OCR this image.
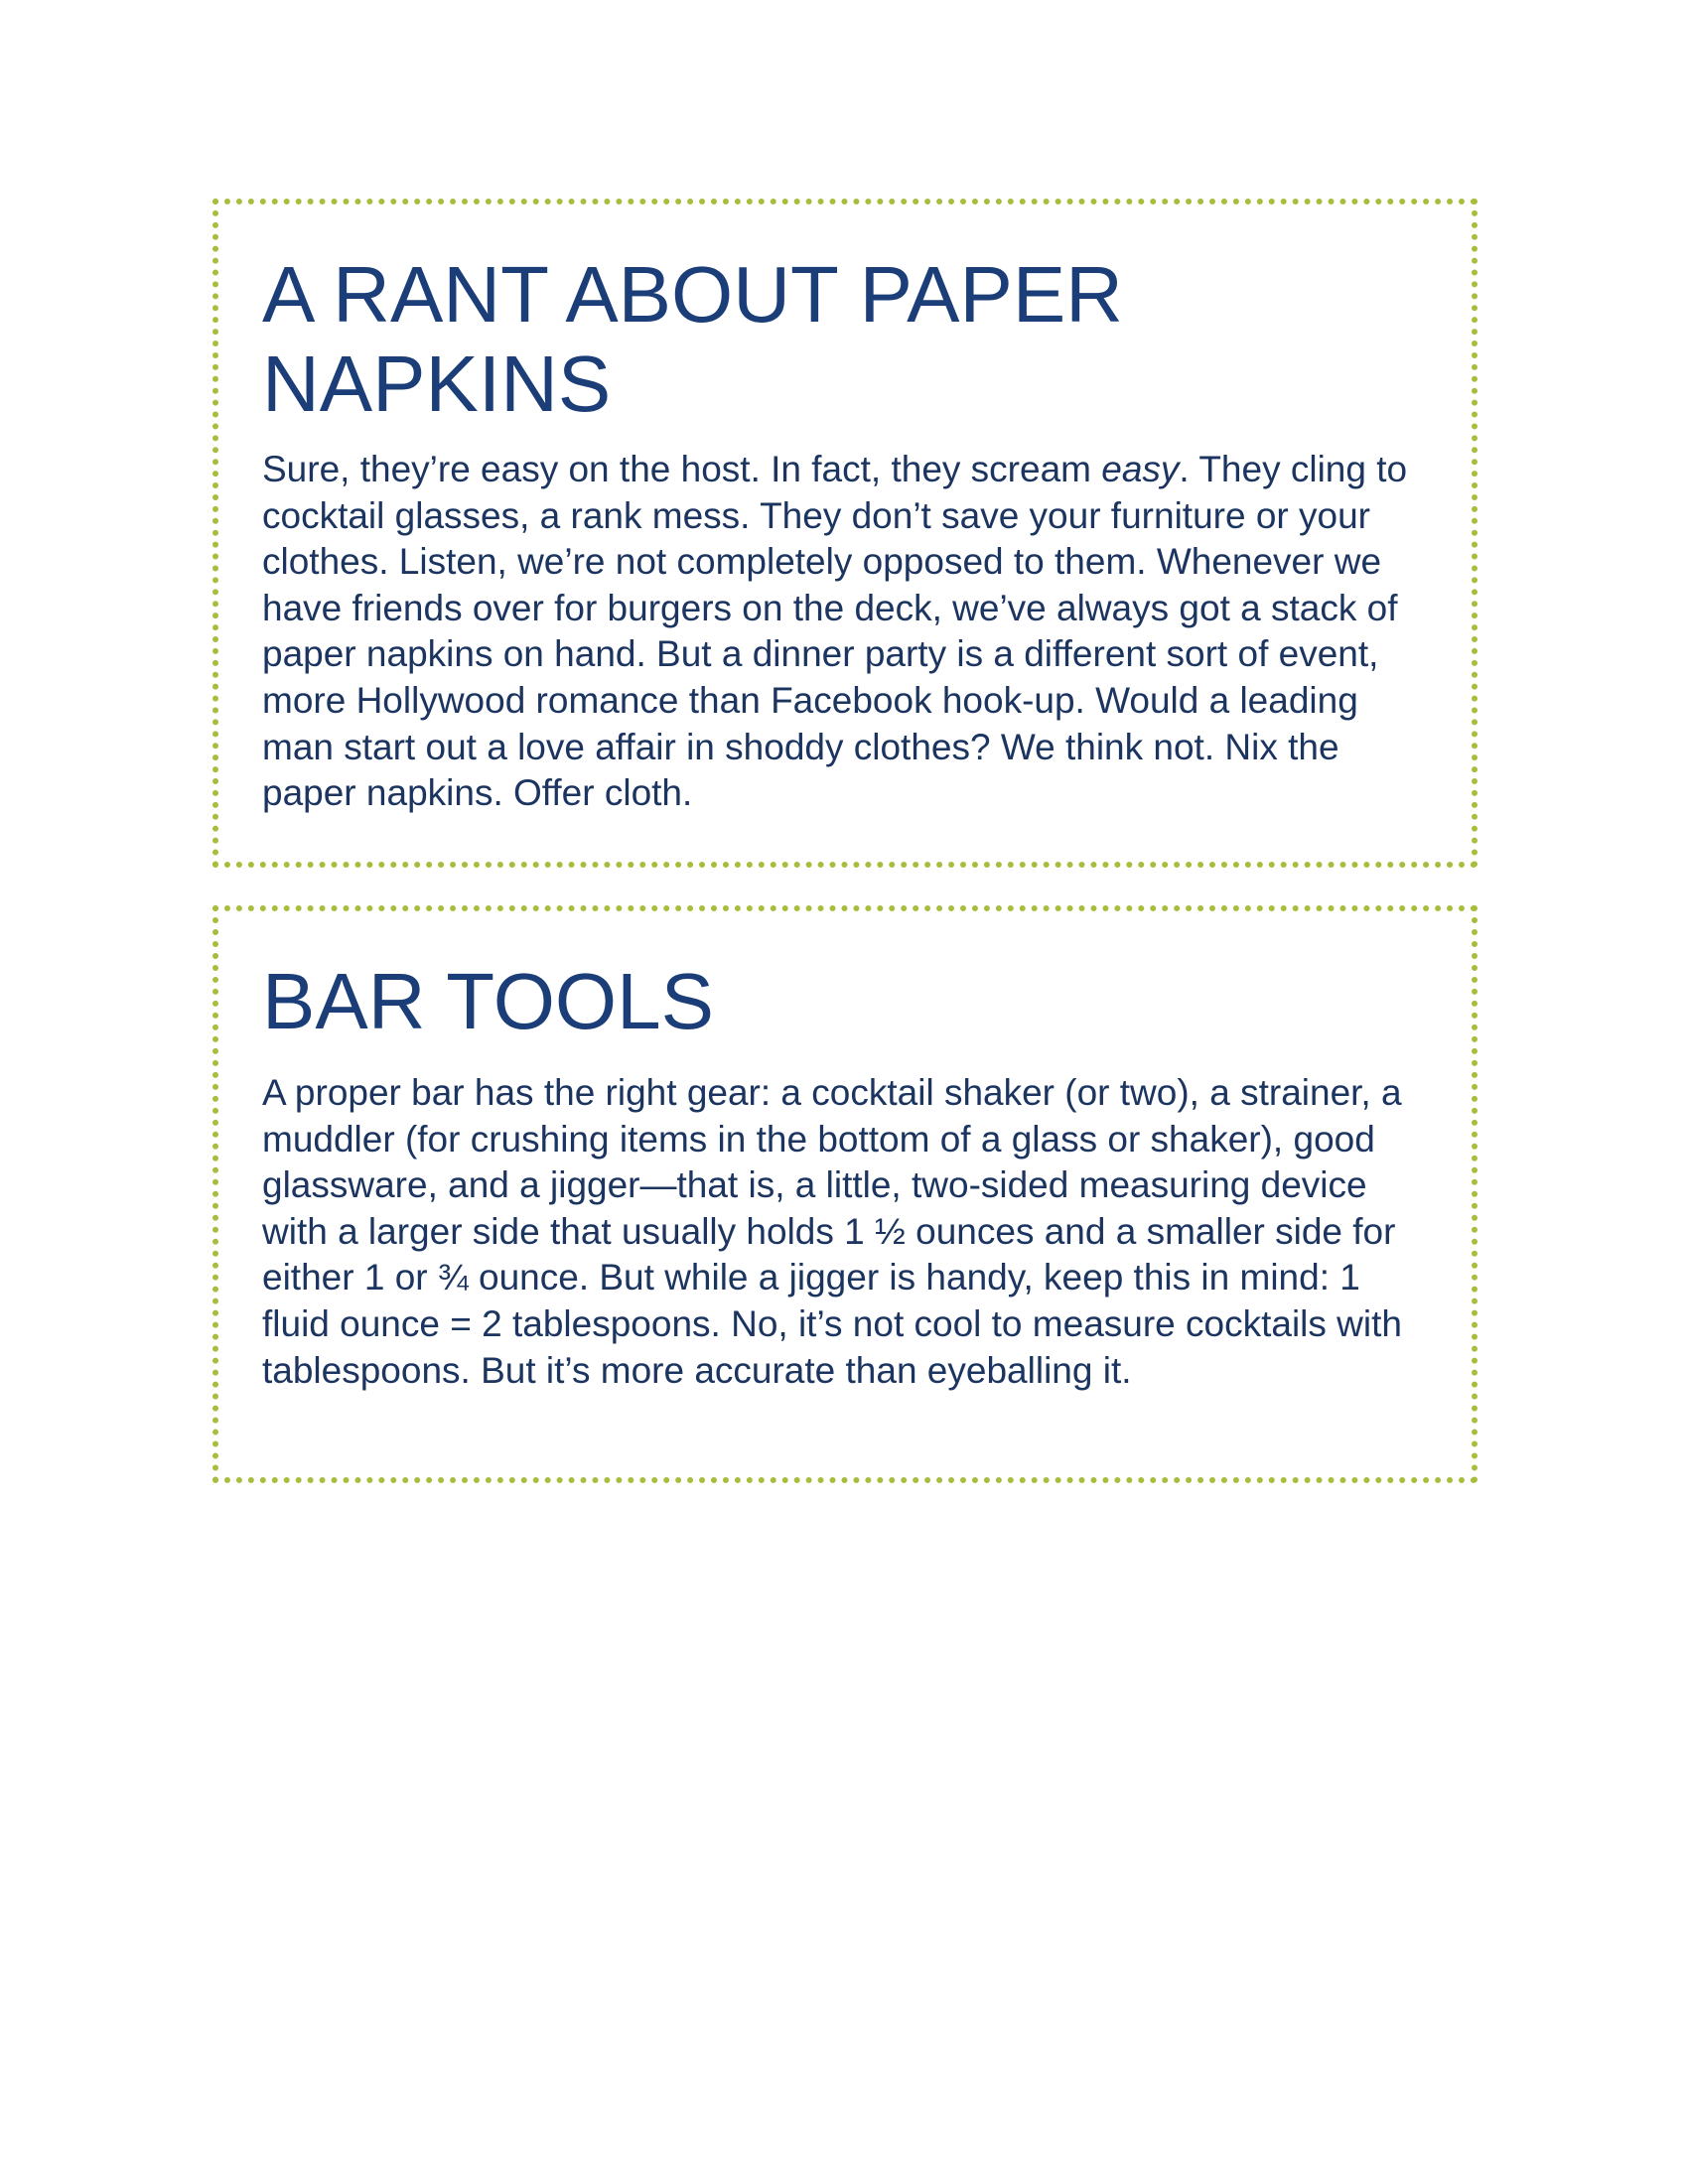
A RANT ABOUT PAPER NAPKINS

Sure, they’re easy on the host. In fact, they scream easy. They cling to cocktail glasses, a rank mess. They don’t save your furniture or your clothes. Listen, we’re not completely opposed to them. Whenever we have friends over for burgers on the deck, we’ve always got a stack of paper napkins on hand. But a dinner party is a different sort of event, more Hollywood romance than Facebook hook-up. Would a leading man start out a love affair in shoddy clothes? We think not. Nix the paper napkins. Offer cloth.

BAR TOOLS

A proper bar has the right gear: a cocktail shaker (or two), a strainer, a muddler (for crushing items in the bottom of a glass or shaker), good glassware, and a jigger—that is, a little, two-sided measuring device with a larger side that usually holds 1 ½ ounces and a smaller side for either 1 or ¾ ounce. But while a jigger is handy, keep this in mind: 1 fluid ounce = 2 tablespoons. No, it’s not cool to measure cocktails with tablespoons. But it’s more accurate than eyeballing it.
